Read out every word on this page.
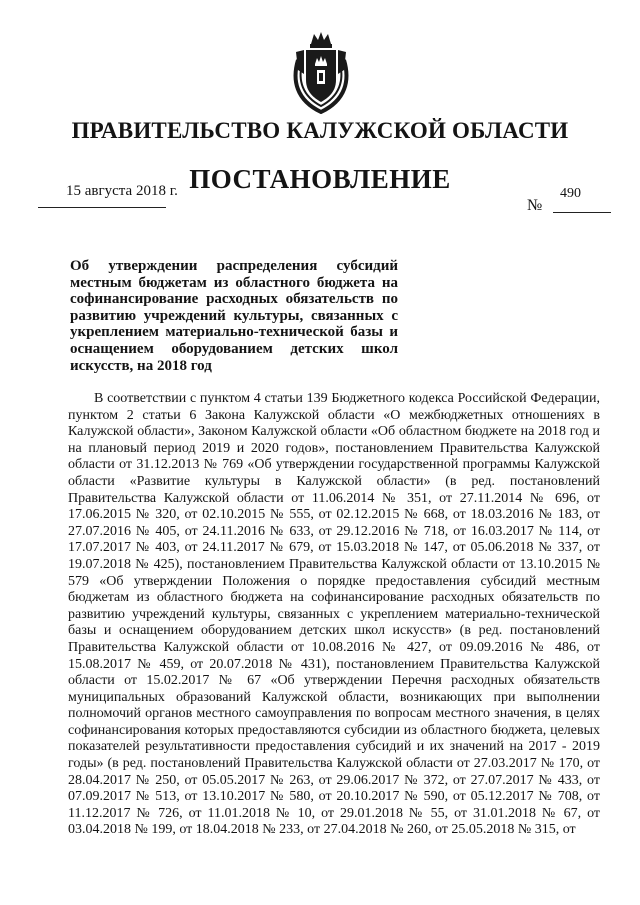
ПРАВИТЕЛЬСТВО КАЛУЖСКОЙ ОБЛАСТИ
ПОСТАНОВЛЕНИЕ
15 августа 2018 г.
№
490

Об утверждении распределения субсидий местным бюджетам из областного бюджета на софинансирование расходных обязательств по развитию учреждений культуры, связанных с укреплением материально-технической базы и оснащением оборудованием детских школ искусств, на 2018 год

В соответствии с пунктом 4 статьи 139 Бюджетного кодекса Российской Федерации, пунктом 2 статьи 6 Закона Калужской области «О межбюджетных отношениях в Калужской области», Законом Калужской области «Об областном бюджете на 2018 год и на плановый период 2019 и 2020 годов», постановлением Правительства Калужской области от 31.12.2013 № 769 «Об утверждении государственной программы Калужской области «Развитие культуры в Калужской области» (в ред. постановлений Правительства Калужской области от 11.06.2014 № 351, от 27.11.2014 № 696, от 17.06.2015 № 320, от 02.10.2015 № 555, от 02.12.2015 № 668, от 18.03.2016 № 183, от 27.07.2016 № 405, от 24.11.2016 № 633, от 29.12.2016 № 718, от 16.03.2017 № 114, от 17.07.2017 № 403, от 24.11.2017 № 679, от 15.03.2018 № 147, от 05.06.2018 № 337, от 19.07.2018 № 425), постановлением Правительства Калужской области от 13.10.2015 № 579 «Об утверждении Положения о порядке предоставления субсидий местным бюджетам из областного бюджета на софинансирование расходных обязательств по развитию учреждений культуры, связанных с укреплением материально-технической базы и оснащением оборудованием детских школ искусств» (в ред. постановлений Правительства Калужской области от 10.08.2016 № 427, от 09.09.2016 № 486, от 15.08.2017 № 459, от 20.07.2018 № 431), постановлением Правительства Калужской области от 15.02.2017 № 67 «Об утверждении Перечня расходных обязательств муниципальных образований Калужской области, возникающих при выполнении полномочий органов местного самоуправления по вопросам местного значения, в целях софинансирования которых предоставляются субсидии из областного бюджета, целевых показателей результативности предоставления субсидий и их значений на 2017 - 2019 годы» (в ред. постановлений Правительства Калужской области от 27.03.2017 № 170, от 28.04.2017 № 250, от 05.05.2017 № 263, от 29.06.2017 № 372, от 27.07.2017 № 433, от 07.09.2017 № 513, от 13.10.2017 № 580, от 20.10.2017 № 590, от 05.12.2017 № 708, от 11.12.2017 № 726, от 11.01.2018 № 10, от 29.01.2018 № 55, от 31.01.2018 № 67, от 03.04.2018 № 199, от 18.04.2018 № 233, от 27.04.2018 № 260, от 25.05.2018 № 315, от
